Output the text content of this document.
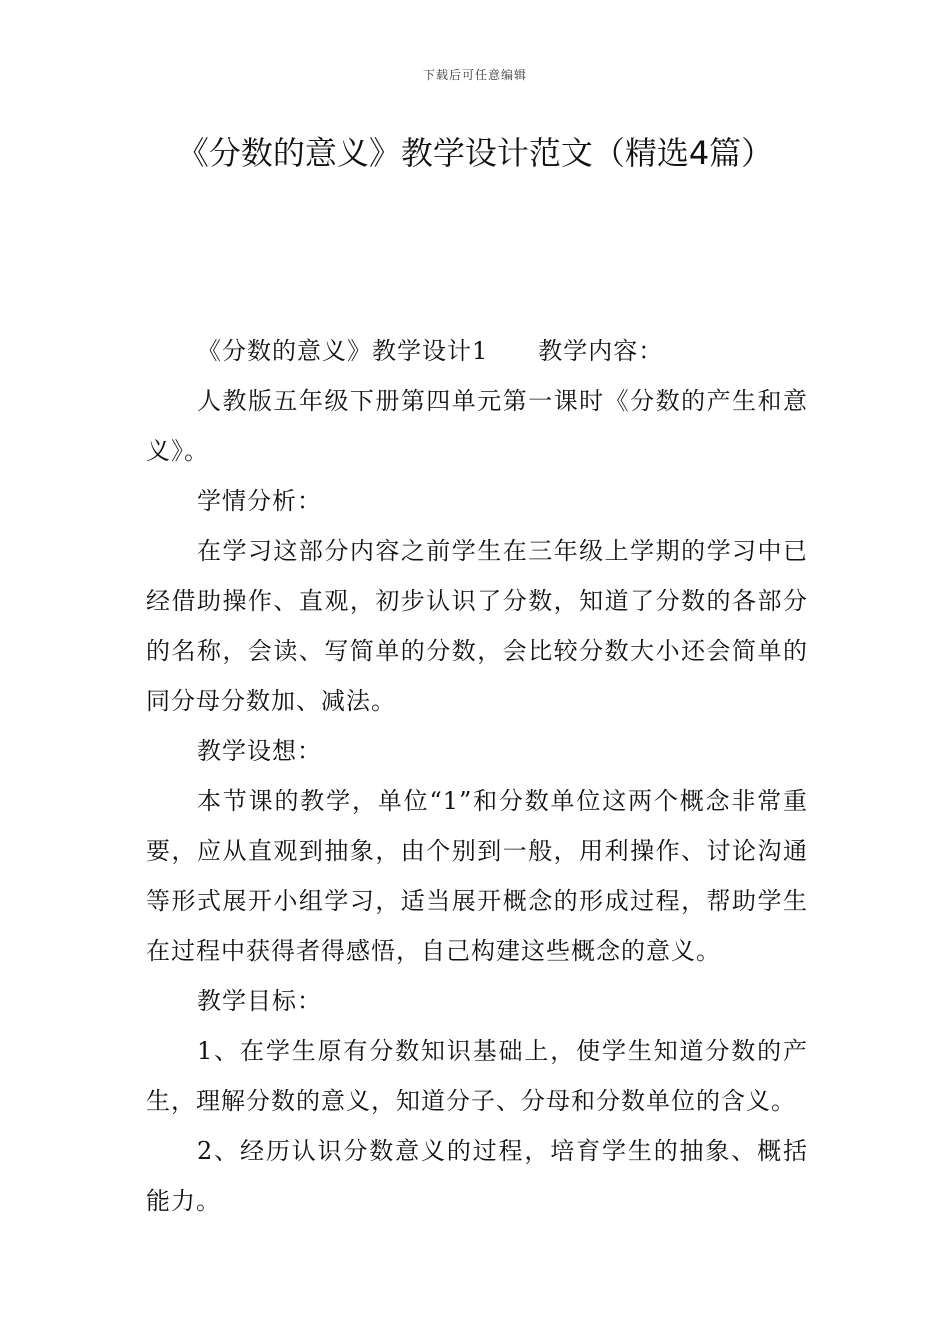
下载后可任意编辑
《分数的意义》教学设计范文（精选4篇）

《分数的意义》教学设计1 教学内容：

人教版五年级下册第四单元第一课时《分数的产生和意义》。

学情分析：

在学习这部分内容之前学生在三年级上学期的学习中已经借助操作、直观，初步认识了分数，知道了分数的各部分的名称，会读、写简单的分数，会比较分数大小还会简单的同分母分数加、减法。

教学设想：

本节课的教学，单位“1”和分数单位这两个概念非常重要，应从直观到抽象，由个别到一般，用利操作、讨论沟通等形式展开小组学习，适当展开概念的形成过程，帮助学生在过程中获得者得感悟，自己构建这些概念的意义。

教学目标：

1、在学生原有分数知识基础上，使学生知道分数的产生，理解分数的意义，知道分子、分母和分数单位的含义。

2、经历认识分数意义的过程，培育学生的抽象、概括能力。
